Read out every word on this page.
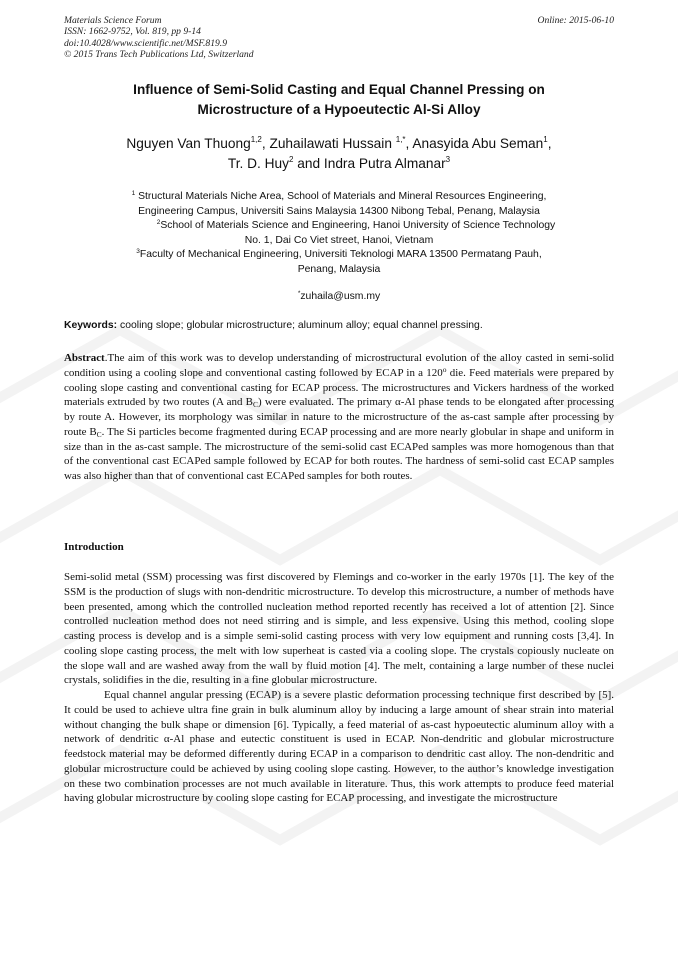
Materials Science Forum
ISSN: 1662-9752, Vol. 819, pp 9-14
doi:10.4028/www.scientific.net/MSF.819.9
© 2015 Trans Tech Publications Ltd, Switzerland
Online: 2015-06-10
Influence of Semi-Solid Casting and Equal Channel Pressing on
Microstructure of a Hypoeutectic Al-Si Alloy
Nguyen Van Thuong$^{1,2}$, Zuhailawati Hussain $^{1,*}$, Anasyida Abu Seman$^1$,
Tr. D. Huy$^2$ and Indra Putra Almanar$^3$
$^1$ Structural Materials Niche Area, School of Materials and Mineral Resources Engineering,
Engineering Campus, Universiti Sains Malaysia 14300 Nibong Tebal, Penang, Malaysia
$^2$School of Materials Science and Engineering, Hanoi University of Science Technology
No. 1, Dai Co Viet street, Hanoi, Vietnam
$^3$Faculty of Mechanical Engineering, Universiti Teknologi MARA 13500 Permatang Pauh,
Penang, Malaysia
*zuhaila@usm.my
Keywords: cooling slope; globular microstructure; aluminum alloy; equal channel pressing.
Abstract.The aim of this work was to develop understanding of microstructural evolution of the alloy casted in semi-solid condition using a cooling slope and conventional casting followed by ECAP in a 120$^o$ die. Feed materials were prepared by cooling slope casting and conventional casting for ECAP process. The microstructures and Vickers hardness of the worked materials extruded by two routes (A and $B_C$) were evaluated. The primary α-Al phase tends to be elongated after processing by route A. However, its morphology was similar in nature to the microstructure of the as-cast sample after processing by route $B_C$. The Si particles become fragmented during ECAP processing and are more nearly globular in shape and uniform in size than in the as-cast sample. The microstructure of the semi-solid cast ECAPed samples was more homogenous than that of the conventional cast ECAPed sample followed by ECAP for both routes. The hardness of semi-solid cast ECAP samples was also higher than that of conventional cast ECAPed samples for both routes.
Introduction

Semi-solid metal (SSM) processing was first discovered by Flemings and co-worker in the early 1970s [1]. The key of the SSM is the production of slugs with non-dendritic microstructure. To develop this microstructure, a number of methods have been presented, among which the controlled nucleation method reported recently has received a lot of attention [2]. Since controlled nucleation method does not need stirring and is simple, and less expensive. Using this method, cooling slope casting process is develop and is a simple semi-solid casting process with very low equipment and running costs [3,4]. In cooling slope casting process, the melt with low superheat is casted via a cooling slope. The crystals copiously nucleate on the slope wall and are washed away from the wall by fluid motion [4]. The melt, containing a large number of these nuclei crystals, solidifies in the die, resulting in a fine globular microstructure.

Equal channel angular pressing (ECAP) is a severe plastic deformation processing technique first described by [5]. It could be used to achieve ultra fine grain in bulk aluminum alloy by inducing a large amount of shear strain into material without changing the bulk shape or dimension [6]. Typically, a feed material of as-cast hypoeutectic aluminum alloy with a network of dendritic α-Al phase and eutectic constituent is used in ECAP. Non-dendritic and globular microstructure feedstock material may be deformed differently during ECAP in a comparison to dendritic cast alloy. The non-dendritic and globular microstructure could be achieved by using cooling slope casting. However, to the author’s knowledge investigation on these two combination processes are not much available in literature. Thus, this work attempts to produce feed material having globular microstructure by cooling slope casting for ECAP processing, and investigate the microstructure
